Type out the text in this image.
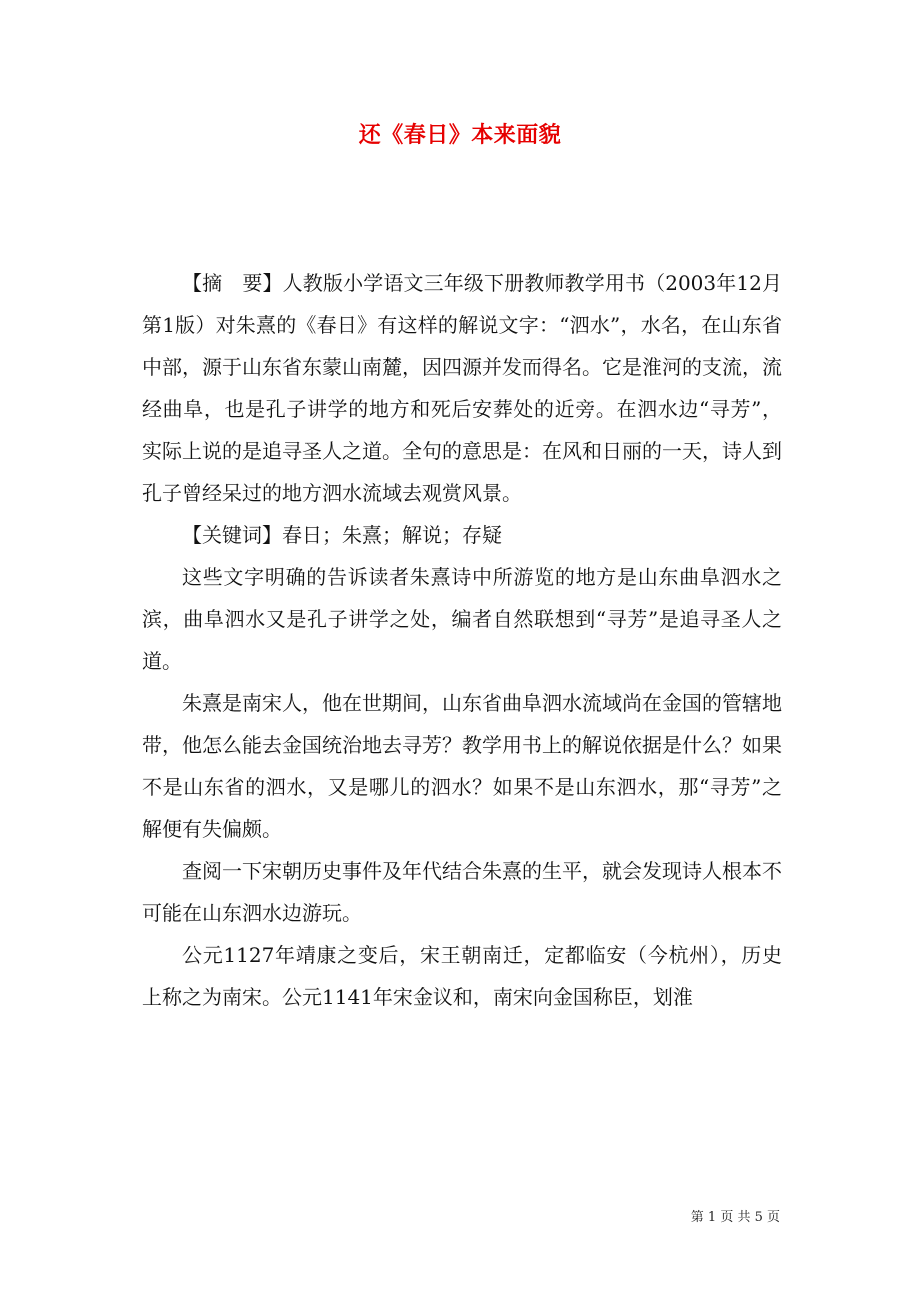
还《春日》本来面貌

【摘　要】人教版小学语文三年级下册教师教学用书（2003年12月第1版）对朱熹的《春日》有这样的解说文字：“泗水”，水名，在山东省中部，源于山东省东蒙山南麓，因四源并发而得名。它是淮河的支流，流经曲阜，也是孔子讲学的地方和死后安葬处的近旁。在泗水边“寻芳”，实际上说的是追寻圣人之道。全句的意思是：在风和日丽的一天，诗人到孔子曾经呆过的地方泗水流域去观赏风景。

【关键词】春日；朱熹；解说；存疑

这些文字明确的告诉读者朱熹诗中所游览的地方是山东曲阜泗水之滨，曲阜泗水又是孔子讲学之处，编者自然联想到“寻芳”是追寻圣人之道。

朱熹是南宋人，他在世期间，山东省曲阜泗水流域尚在金国的管辖地带，他怎么能去金国统治地去寻芳？教学用书上的解说依据是什么？如果不是山东省的泗水，又是哪儿的泗水？如果不是山东泗水，那“寻芳”之解便有失偏颇。

查阅一下宋朝历史事件及年代结合朱熹的生平，就会发现诗人根本不可能在山东泗水边游玩。

公元1127年靖康之变后，宋王朝南迁，定都临安（今杭州），历史上称之为南宋。公元1141年宋金议和，南宋向金国称臣，划淮

第 1 页 共 5 页
